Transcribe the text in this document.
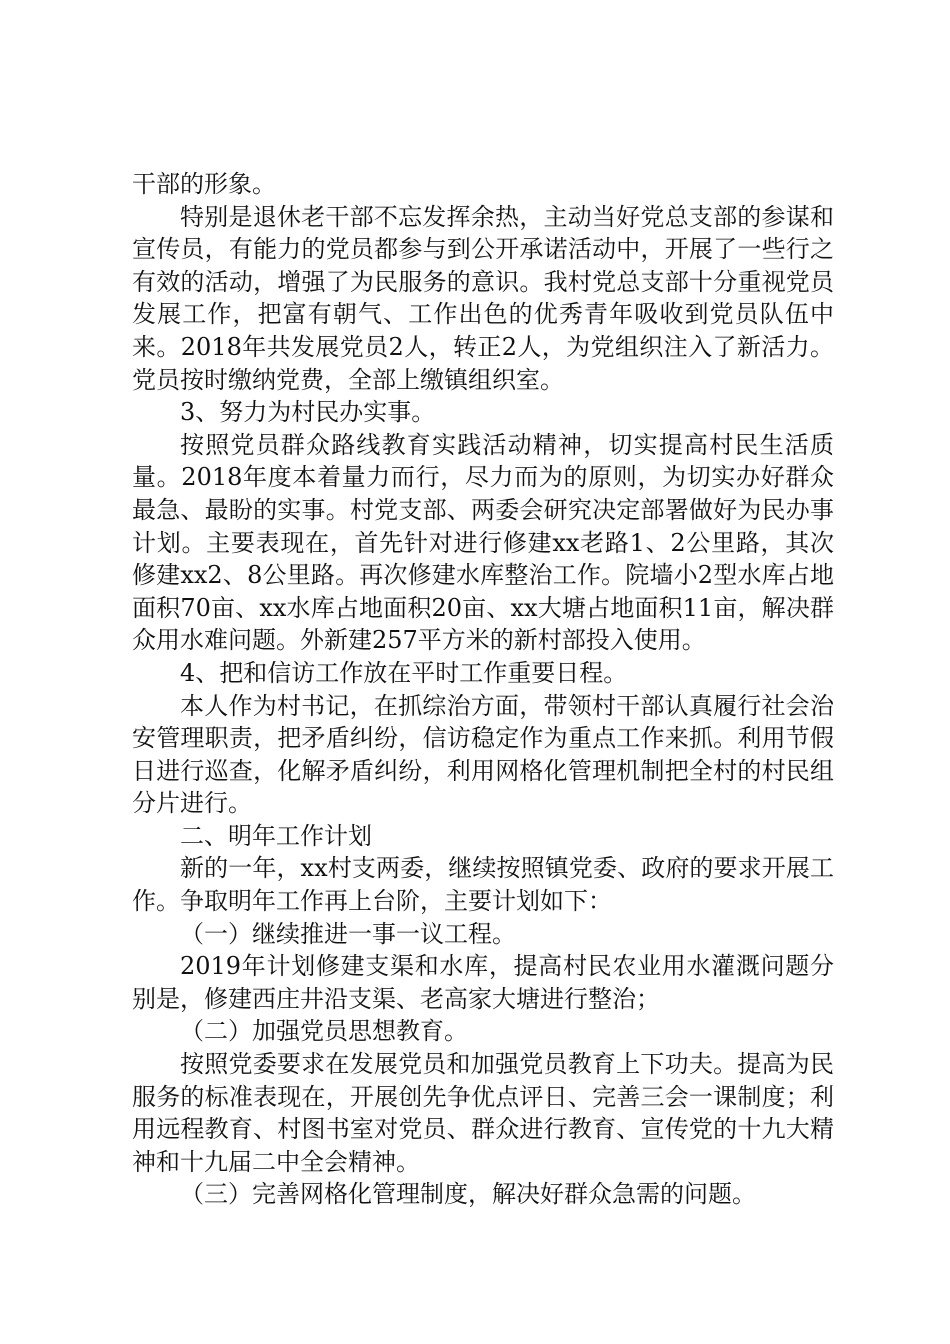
干部的形象。

特别是退休老干部不忘发挥余热，主动当好党总支部的参谋和宣传员，有能力的党员都参与到公开承诺活动中，开展了一些行之有效的活动，增强了为民服务的意识。我村党总支部十分重视党员发展工作，把富有朝气、工作出色的优秀青年吸收到党员队伍中来。2018年共发展党员2人，转正2人，为党组织注入了新活力。党员按时缴纳党费，全部上缴镇组织室。

3、努力为村民办实事。

按照党员群众路线教育实践活动精神，切实提高村民生活质量。2018年度本着量力而行，尽力而为的原则，为切实办好群众最急、最盼的实事。村党支部、两委会研究决定部署做好为民办事计划。主要表现在，首先针对进行修建xx老路1、2公里路，其次修建xx2、8公里路。再次修建水库整治工作。院墙小2型水库占地面积70亩、xx水库占地面积20亩、xx大塘占地面积11亩，解决群众用水难问题。外新建257平方米的新村部投入使用。

4、把和信访工作放在平时工作重要日程。

本人作为村书记，在抓综治方面，带领村干部认真履行社会治安管理职责，把矛盾纠纷，信访稳定作为重点工作来抓。利用节假日进行巡查，化解矛盾纠纷，利用网格化管理机制把全村的村民组分片进行。

二、明年工作计划

新的一年，xx村支两委，继续按照镇党委、政府的要求开展工作。争取明年工作再上台阶，主要计划如下：

（一）继续推进一事一议工程。

2019年计划修建支渠和水库，提高村民农业用水灌溉问题分别是，修建西庄井沿支渠、老高家大塘进行整治；

（二）加强党员思想教育。

按照党委要求在发展党员和加强党员教育上下功夫。提高为民服务的标准表现在，开展创先争优点评日、完善三会一课制度；利用远程教育、村图书室对党员、群众进行教育、宣传党的十九大精神和十九届二中全会精神。

（三）完善网格化管理制度，解决好群众急需的问题。
